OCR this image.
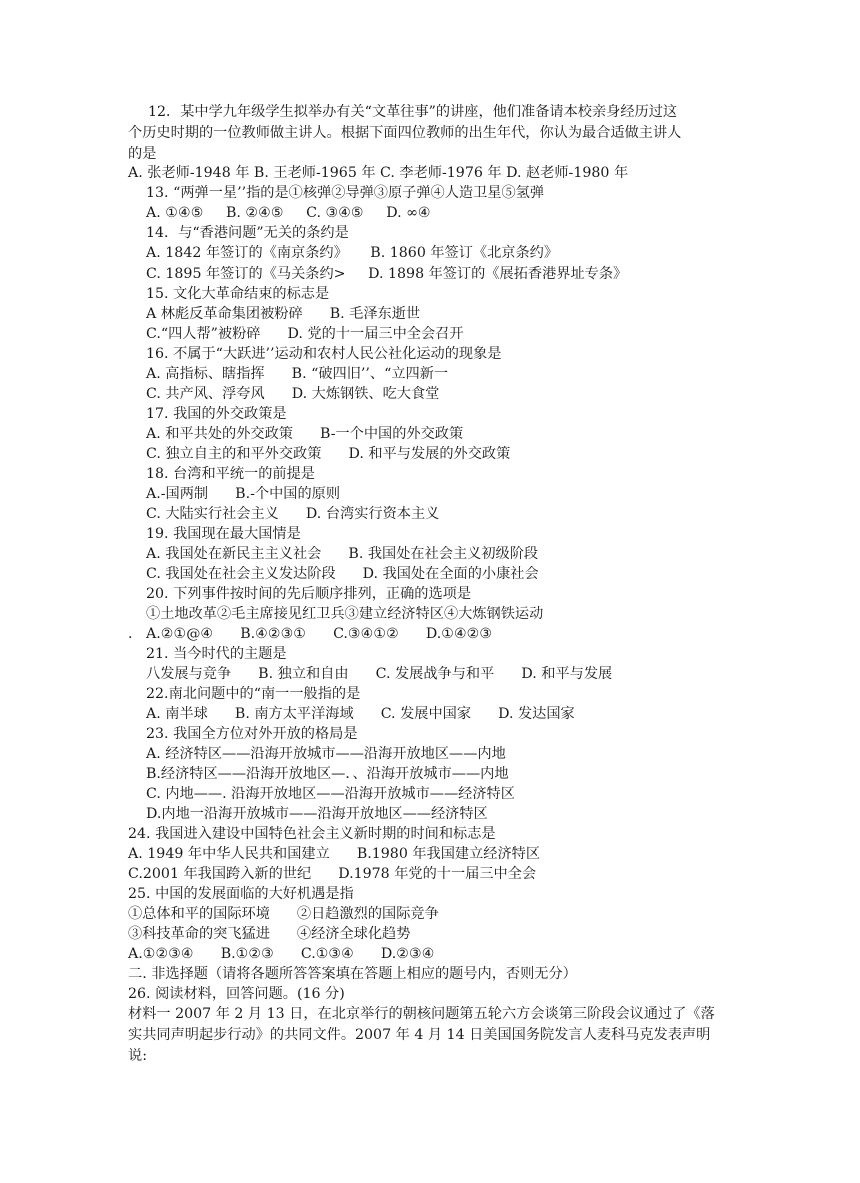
12．某中学九年级学生拟举办有关“文革往事”的讲座，他们准备请本校亲身经历过这
个历史时期的一位教师做主讲人。根据下面四位教师的出生年代，你认为最合适做主讲人
的是
A. 张老师-1948 年 B. 王老师-1965 年 C. 李老师-1976 年 D. 赵老师-1980 年
13. “两弹一星’’指的是①核弹②导弹③原子弹④人造卫星⑤氢弹
A. ①④⑤     B. ②④⑤     C. ③④⑤     D. ∞④
14．与“香港问题”无关的条约是
A. 1842 年签订的《南京条约》     B. 1860 年签订《北京条约》
C. 1895 年签订的《马关条约>     D. 1898 年签订的《展拓香港界址专条》
15. 文化大革命结束的标志是
A 林彪反革命集团被粉碎      B. 毛泽东逝世
C.“四人帮”被粉碎      D. 党的十一届三中全会召开
16. 不属于“大跃进’’运动和农村人民公社化运动的现象是
A. 高指标、瞎指挥      B. “破四旧’’、“立四新一
C. 共产风、浮夸风      D. 大炼钢铁、吃大食堂
17. 我国的外交政策是
A. 和平共处的外交政策      B-一个中国的外交政策
C. 独立自主的和平外交政策      D. 和平与发展的外交政策
18. 台湾和平统一的前提是
A.-国两制      B.-个中国的原则
C. 大陆实行社会主义      D. 台湾实行资本主义
19. 我国现在最大国情是
A. 我国处在新民主主义社会      B. 我国处在社会主义初级阶段
C. 我国处在社会主义发达阶段      D. 我国处在全面的小康社会
20. 下列事件按时间的先后顺序排列，正确的选项是
①土地改革②毛主席接见红卫兵③建立经济特区④大炼钢铁运动
.   A.②①@④      B.④②③①      C.③④①②      D.①④②③
21. 当今时代的主题是
八发展与竞争      B. 独立和自由      C. 发展战争与和平      D. 和平与发展
22.南北问题中的“南一一般指的是
A. 南半球      B. 南方太平洋海域      C. 发展中国家      D. 发达国家
23. 我国全方位对外开放的格局是
A. 经济特区——沿海开放城市——沿海开放地区——内地
B.经济特区——沿海开放地区—．、沿海开放城市——内地
C. 内地——. 沿海开放地区——沿海开放城市——经济特区
D.内地一沿海开放城市——沿海开放地区——经济特区
24. 我国进入建设中国特色社会主义新时期的时间和标志是
A. 1949 年中华人民共和国建立      B.1980 年我国建立经济特区
C.2001 年我国跨入新的世纪      D.1978 年党的十一届三中全会
25. 中国的发展面临的大好机遇是指
①总体和平的国际环境      ②日趋激烈的国际竞争
③科技革命的突飞猛进      ④经济全球化趋势
A.①②③④      B.①②③      C.①③④      D.②③④
二. 非选择题（请将各题所答答案填在答题上相应的题号内，否则无分）
26. 阅读材料，回答问题。(16 分)
材料一 2007 年 2 月 13 日，在北京举行的朝核问题第五轮六方会谈第三阶段会议通过了《落
实共同声明起步行动》的共同文件。2007 年 4 月 14 日美国国务院发言人麦科马克发表声明
说:
